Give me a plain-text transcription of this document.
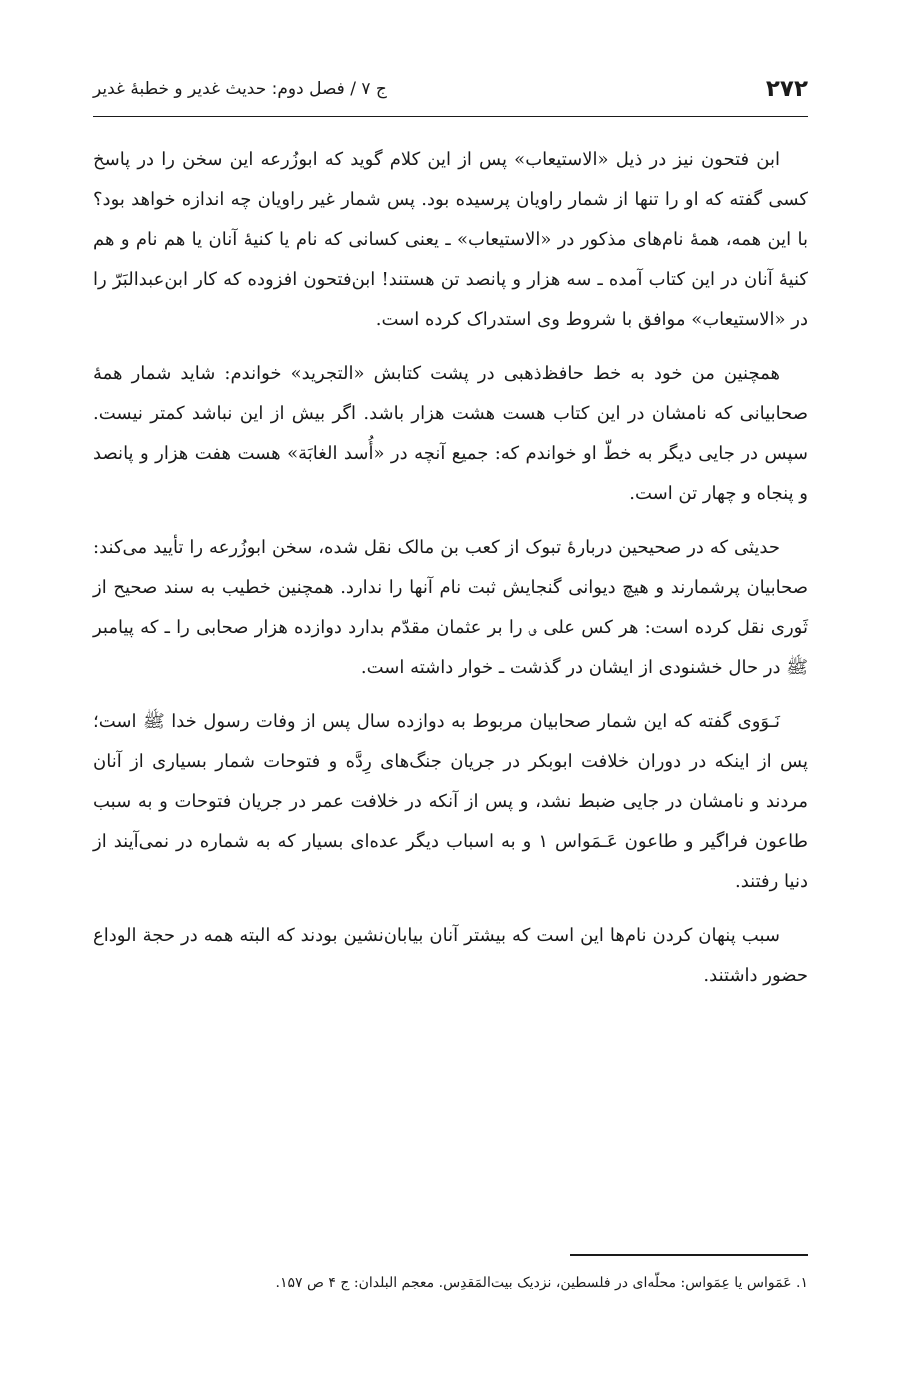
۲۷۲
ج ۷ / فصل دوم: حدیث غدیر و خطبهٔ غدیر

ابن فتحون نیز در ذیل «الاستیعاب» پس از این کلام گوید که ابوزُرعه این سخن را در پاسخ کسی گفته که او را تنها از شمار راویان پرسیده بود. پس شمار غیر راویان چه اندازه خواهد بود؟ با این همه، همهٔ نام‌های مذکور در «الاستیعاب» ـ یعنی کسانی که نام یا کنیهٔ آنان یا هم نام و هم کنیهٔ آنان در این کتاب آمده ـ سه هزار و پانصد تن هستند! ابن‌فتحون افزوده که کار ابن‌عبدالبَرّ را در «الاستیعاب» موافق با شروط وی استدراک کرده است.

همچنین من خود به خط حافظ‌ذهبی در پشت کتابش «التجرید» خواندم: شاید شمار همهٔ صحابیانی که نامشان در این کتاب هست هشت هزار باشد. اگر بیش از این نباشد کمتر نیست. سپس در جایی دیگر به خطّ او خواندم که: جمیع آنچه در «أُسد الغابَة» هست هفت هزار و پانصد و پنجاه و چهار تن است.

حدیثی که در صحیحین دربارهٔ تبوک از کعب بن مالک نقل شده، سخن ابوزُرعه را تأیید می‌کند: صحابیان پرشمارند و هیچ دیوانی گنجایش ثبت نام آنها را ندارد. همچنین خطیب به سند صحیح از ثَوری نقل کرده است: هر کس علی ؈ را بر عثمان مقدّم بدارد دوازده هزار صحابی را ـ که پیامبر ﷺ در حال خشنودی از ایشان در گذشت ـ خوار داشته است.

نَـوَوی گفته که این شمار صحابیان مربوط به دوازده سال پس از وفات رسول خدا ﷺ است؛ پس از اینکه در دوران خلافت ابوبکر در جریان جنگ‌های رِدَّه و فتوحات شمار بسیاری از آنان مردند و نامشان در جایی ضبط نشد، و پس از آنکه در خلافت عمر در جریان فتوحات و به سبب طاعون فراگیر و طاعون عَـمَواس ۱ و به اسباب دیگر عده‌ای بسیار که به شماره در نمی‌آیند از دنیا رفتند.

سبب پنهان کردن نام‌ها این است که بیشتر آنان بیابان‌نشین بودند که البته همه در حجة الوداع حضور داشتند.

۱. عَمَواس یا عِمَواس: محلّه‌ای در فلسطین، نزدیک بیت‌المَقدِس. معجم البلدان: ج ۴ ص ۱۵۷.
